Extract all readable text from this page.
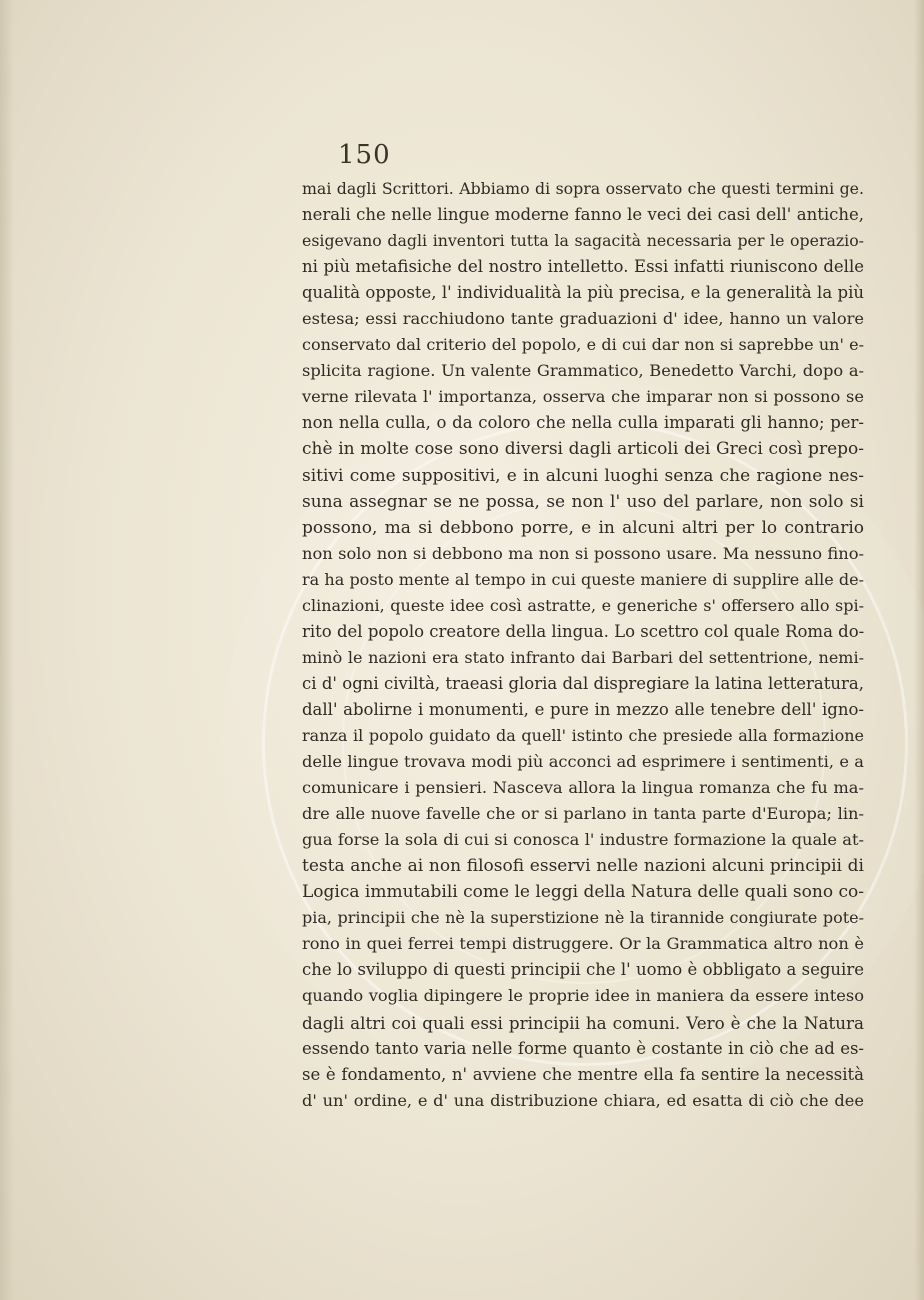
150
mai dagli Scrittori. Abbiamo di sopra osservato che questi termini ge.
nerali che nelle lingue moderne fanno le veci dei casi dell' antiche,
esigevano dagli inventori tutta la sagacità necessaria per le operazio-
ni più metafisiche del nostro intelletto. Essi infatti riuniscono delle
qualità opposte, l' individualità la più precisa, e la generalità la più
estesa; essi racchiudono tante graduazioni d' idee, hanno un valore
conservato dal criterio del popolo, e di cui dar non si saprebbe un' e-
splicita ragione. Un valente Grammatico, Benedetto Varchi, dopo a-
verne rilevata l' importanza, osserva che imparar non si possono se
non nella culla, o da coloro che nella culla imparati gli hanno; per-
chè in molte cose sono diversi dagli articoli dei Greci così prepo-
sitivi come suppositivi, e in alcuni luoghi senza che ragione nes-
suna assegnar se ne possa, se non l' uso del parlare, non solo si
possono, ma si debbono porre, e in alcuni altri per lo contrario
non solo non si debbono ma non si possono usare. Ma nessuno fino-
ra ha posto mente al tempo in cui queste maniere di supplire alle de-
clinazioni, queste idee così astratte, e generiche s' offersero allo spi-
rito del popolo creatore della lingua. Lo scettro col quale Roma do-
minò le nazioni era stato infranto dai Barbari del settentrione, nemi-
ci d' ogni civiltà, traeasi gloria dal dispregiare la latina letteratura,
dall' abolirne i monumenti, e pure in mezzo alle tenebre dell' igno-
ranza il popolo guidato da quell' istinto che presiede alla formazione
delle lingue trovava modi più acconci ad esprimere i sentimenti, e a
comunicare i pensieri. Nasceva allora la lingua romanza che fu ma-
dre alle nuove favelle che or si parlano in tanta parte d'Europa; lin-
gua forse la sola di cui si conosca l' industre formazione la quale at-
testa anche ai non filosofi esservi nelle nazioni alcuni principii di
Logica immutabili come le leggi della Natura delle quali sono co-
pia, principii che nè la superstizione nè la tirannide congiurate pote-
rono in quei ferrei tempi distruggere. Or la Grammatica altro non è
che lo sviluppo di questi principii che l' uomo è obbligato a seguire
quando voglia dipingere le proprie idee in maniera da essere inteso
dagli altri coi quali essi principii ha comuni. Vero è che la Natura
essendo tanto varia nelle forme quanto è costante in ciò che ad es-
se è fondamento, n' avviene che mentre ella fa sentire la necessità
d' un' ordine, e d' una distribuzione chiara, ed esatta di ciò che dee
